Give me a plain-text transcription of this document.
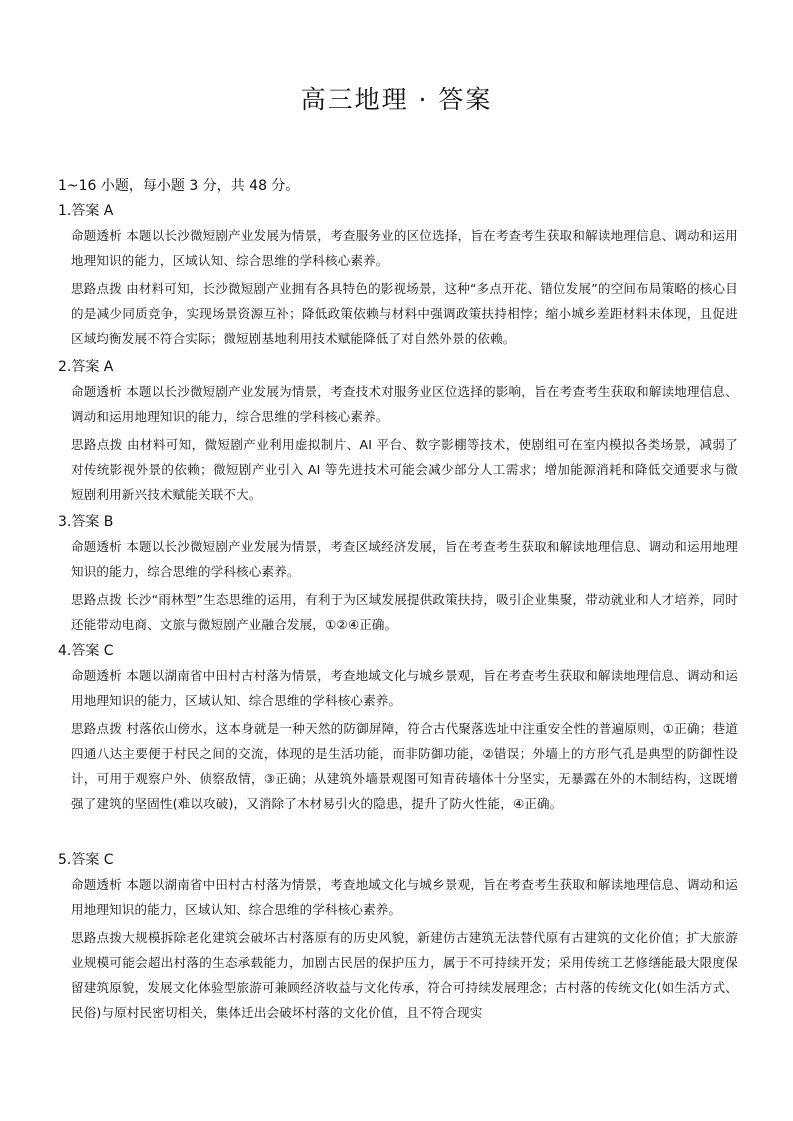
高三地理 · 答案
1~16 小题，每小题 3 分，共 48 分。
1.答案 A
命题透析 本题以长沙微短剧产业发展为情景，考查服务业的区位选择，旨在考查考生获取和解读地理信息、调动和运用地理知识的能力，区域认知、综合思维的学科核心素养。
思路点拨 由材料可知，长沙微短剧产业拥有各具特色的影视场景，这种“多点开花、错位发展”的空间布局策略的核心目的是减少同质竞争，实现场景资源互补；降低政策依赖与材料中强调政策扶持相悖；缩小城乡差距材料未体现，且促进区域均衡发展不符合实际；微短剧基地利用技术赋能降低了对自然外景的依赖。
2.答案 A
命题透析 本题以长沙微短剧产业发展为情景，考查技术对服务业区位选择的影响，旨在考查考生获取和解读地理信息、调动和运用地理知识的能力，综合思维的学科核心素养。
思路点拨 由材料可知，微短剧产业利用虚拟制片、AI 平台、数字影棚等技术，使剧组可在室内模拟各类场景，减弱了对传统影视外景的依赖；微短剧产业引入 AI 等先进技术可能会减少部分人工需求；增加能源消耗和降低交通要求与微短剧利用新兴技术赋能关联不大。
3.答案 B
命题透析 本题以长沙微短剧产业发展为情景，考查区域经济发展，旨在考查考生获取和解读地理信息、调动和运用地理知识的能力，综合思维的学科核心素养。
思路点拨 长沙“雨林型”生态思维的运用，有利于为区域发展提供政策扶持，吸引企业集聚，带动就业和人才培养，同时还能带动电商、文旅与微短剧产业融合发展，①②④正确。
4.答案 C
命题透析 本题以湖南省中田村古村落为情景，考查地域文化与城乡景观，旨在考查考生获取和解读地理信息、调动和运用地理知识的能力，区域认知、综合思维的学科核心素养。
思路点拨 村落依山傍水，这本身就是一种天然的防御屏障，符合古代聚落选址中注重安全性的普遍原则，①正确；巷道四通八达主要便于村民之间的交流，体现的是生活功能，而非防御功能，②错误；外墙上的方形气孔是典型的防御性设计，可用于观察户外、侦察敌情，③正确；从建筑外墙景观图可知青砖墙体十分坚实，无暴露在外的木制结构，这既增强了建筑的坚固性(难以攻破)，又消除了木材易引火的隐患，提升了防火性能，④正确。
5.答案 C
命题透析 本题以湖南省中田村古村落为情景，考查地域文化与城乡景观，旨在考查考生获取和解读地理信息、调动和运用地理知识的能力，区域认知、综合思维的学科核心素养。
思路点拨大规模拆除老化建筑会破坏古村落原有的历史风貌，新建仿古建筑无法替代原有古建筑的文化价值；扩大旅游业规模可能会超出村落的生态承载能力，加剧古民居的保护压力，属于不可持续开发；采用传统工艺修缮能最大限度保留建筑原貌，发展文化体验型旅游可兼顾经济收益与文化传承，符合可持续发展理念；古村落的传统文化(如生活方式、民俗)与原村民密切相关，集体迁出会破坏村落的文化价值，且不符合现实
